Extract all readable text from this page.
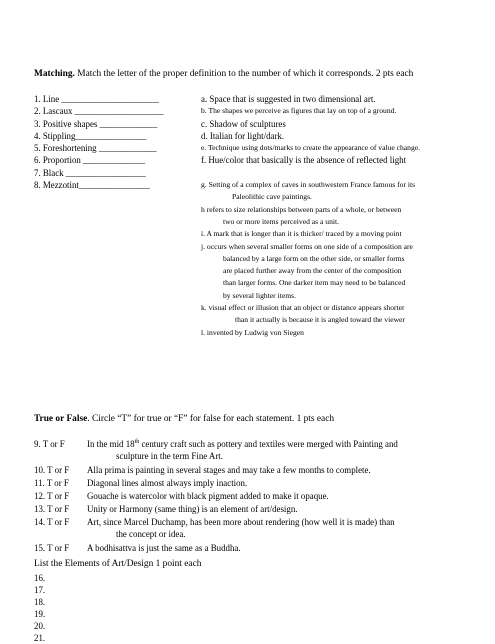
Matching. Match the letter of the proper definition to the number of which it corresponds. 2 pts each
1. Line ______________________
2. Lascaux ____________________
3. Positive shapes _____________
4. Stippling________________
5. Foreshortening _____________
6. Proportion ______________
7. Black __________________
8. Mezzotint________________
a. Space that is suggested in two dimensional art.
b. The shapes we perceive as figures that lay on top of a ground.
c. Shadow of sculptures
d. Italian for light/dark.
e. Technique using dots/marks to create the appearance of value change.
f. Hue/color that basically is the absence of reflected light
g. Setting of a complex of caves in southwestern France famous for its
Paleolithic cave paintings.
h refers to size relationships between parts of a whole, or between
two or more items perceived as a unit.
i. A mark that is longer than it is thicker/ traced by a moving point
j. occurs when several smaller forms on one side of a composition are
balanced by a large form on the other side, or smaller forms
are placed further away from the center of the composition
than larger forms. One darker item may need to be balanced
by several lighter items.
k. visual effect or illusion that an object or distance appears shorter
than it actually is because it is angled toward the viewer
l. invented by Ludwig von Siegen
True or False. Circle “T” for true or “F” for false for each statement. 1 pts each
9. T or F	In the mid 18th century craft such as pottery and textiles were merged with Painting and
sculpture in the term Fine Art.
10. T or F Alla prima is painting in several stages and may take a few months to complete.
11. T or F Diagonal lines almost always imply inaction.
12. T or F Gouache is watercolor with black pigment added to make it opaque.
13. T or F Unity or Harmony (same thing) is an element of art/design.
14. T or F Art, since Marcel Duchamp, has been more about rendering (how well it is made) than
the concept or idea.
15. T or F A bodhisattva is just the same as a Buddha.
List the Elements of Art/Design 1 point each
16.
17.
18.
19.
20.
21.
